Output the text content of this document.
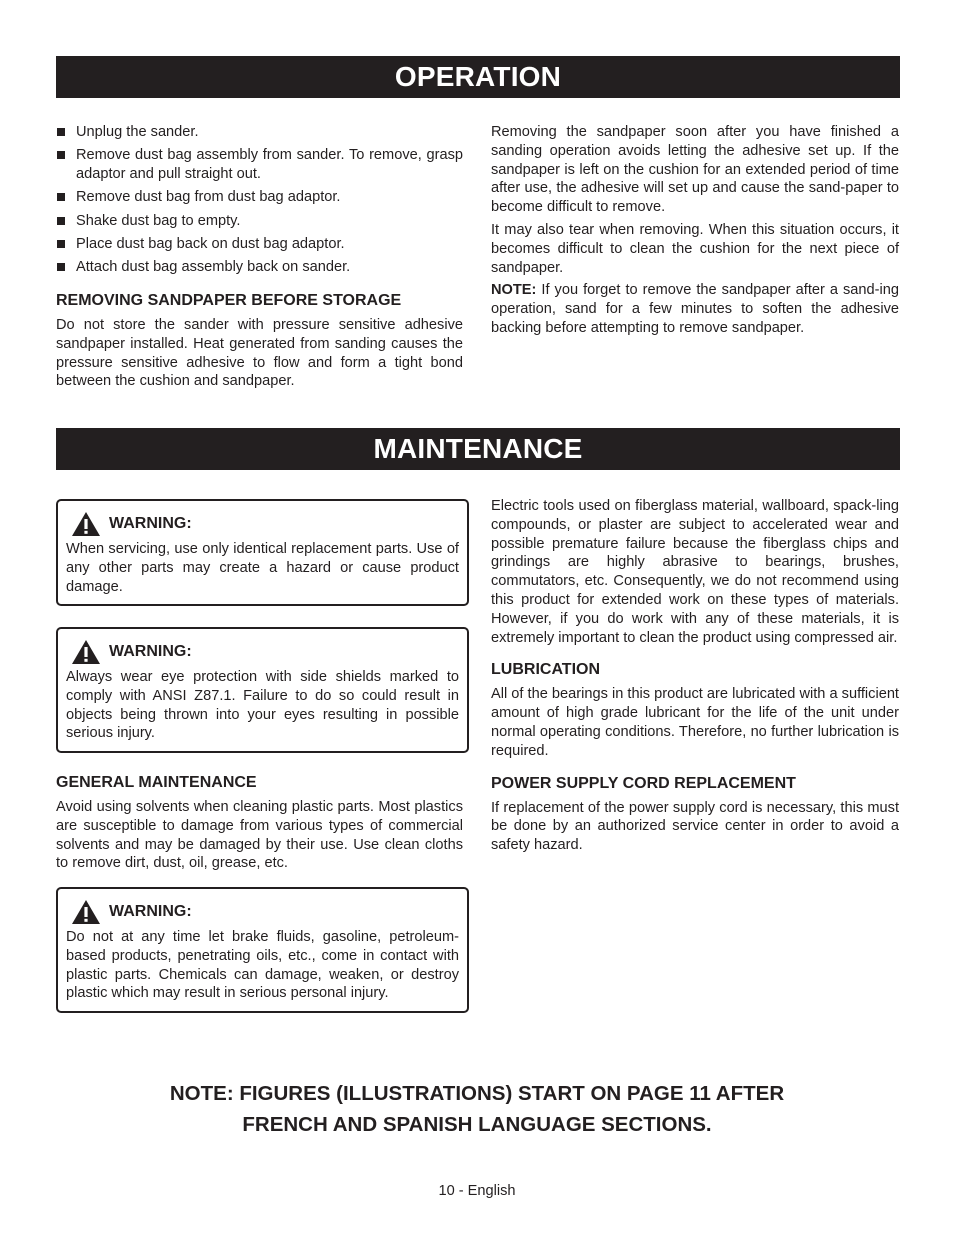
OPERATION
Unplug the sander.
Remove dust bag assembly from sander. To remove, grasp adaptor and pull straight out.
Remove dust bag from dust bag adaptor.
Shake dust bag to empty.
Place dust bag back on dust bag adaptor.
Attach dust bag assembly back on sander.
REMOVING SANDPAPER BEFORE STORAGE

Do not store the sander with pressure sensitive adhesive sandpaper installed. Heat generated from sanding causes the pressure sensitive adhesive to flow and form a tight bond between the cushion and sandpaper.

Removing the sandpaper soon after you have finished a sanding operation avoids letting the adhesive set up. If the sandpaper is left on the cushion for an extended period of time after use, the adhesive will set up and cause the sand-paper to become difficult to remove.

It may also tear when removing. When this situation occurs, it becomes difficult to clean the cushion for the next piece of sandpaper.

NOTE: If you forget to remove the sandpaper after a sand-ing operation, sand for a few minutes to soften the adhesive backing before attempting to remove sandpaper.

MAINTENANCE
WARNING:
When servicing, use only identical replacement parts. Use of any other parts may create a hazard or cause product damage.
WARNING:
Always wear eye protection with side shields marked to comply with ANSI Z87.1. Failure to do so could result in objects being thrown into your eyes resulting in possible serious injury.
GENERAL MAINTENANCE

Avoid using solvents when cleaning plastic parts. Most plastics are susceptible to damage from various types of commercial solvents and may be damaged by their use. Use clean cloths to remove dirt, dust, oil, grease, etc.

WARNING:
Do not at any time let brake fluids, gasoline, petroleum-based products, penetrating oils, etc., come in contact with plastic parts. Chemicals can damage, weaken, or destroy plastic which may result in serious personal injury.

Electric tools used on fiberglass material, wallboard, spack-ling compounds, or plaster are subject to accelerated wear and possible premature failure because the fiberglass chips and grindings are highly abrasive to bearings, brushes, commutators, etc. Consequently, we do not recommend using this product for extended work on these types of materials. However, if you do work with any of these materials, it is extremely important to clean the product using compressed air.

LUBRICATION

All of the bearings in this product are lubricated with a sufficient amount of high grade lubricant for the life of the unit under normal operating conditions. Therefore, no further lubrication is required.

POWER SUPPLY CORD REPLACEMENT

If replacement of the power supply cord is necessary, this must be done by an authorized service center in order to avoid a safety hazard.

NOTE: FIGURES (ILLUSTRATIONS) START ON PAGE 11 AFTER
FRENCH AND SPANISH LANGUAGE SECTIONS.
10 - English
